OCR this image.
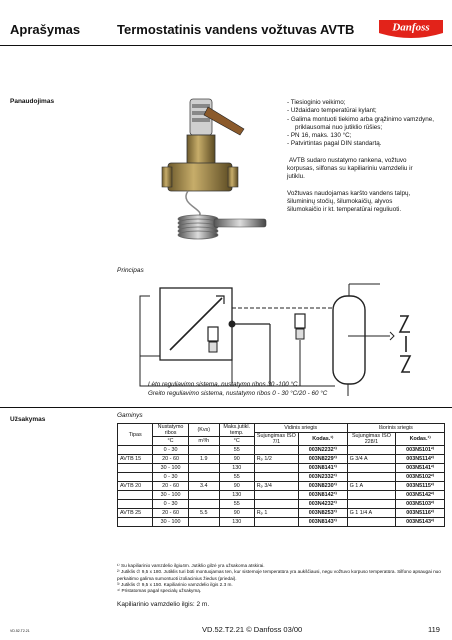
Aprašymas	Termostatinis vandens vožtuvas AVTB	Danfoss
Panaudojimas	- Tiesioginio veikimo;
- Uždaidaro temperatūrai kylant;
- Galima montuoti tiekimo arba grąžinimo vamzdyne, priklausomai nuo jutiklio rūšies;
- PN 16, maks. 130 °C;
- Patvirtintas pagal DIN standartą.
AVTB sudaro nustatymo rankena, vožtuvo korpusas, silfonas su kapiliariniu vamzdeliu ir jutiklu.
Vožtuvas naudojamas karšto vandens talpų, šilumininų stočių, šilumokaičių, alyvos šilumokaičio ir kt. temperatūrai reguliuoti.
Principas
Lėto reguliavimo sistema, nustatymo ribos 30 -100 °C
Greito reguliavimo sistema, nustatymo ribos 0 - 30 °C/20 - 60 °C
Užsakymas
Gaminys
Tipas	Nustatymo ribos	(Kvs)	Maks.jutikl. temp.	Vidinis sriegis		Išorinis sriegis	
				Sujungimas ISO 7/1	Kodas.¹⁾	Sujungimas ISO 228/1	Kodas.¹⁾
	°C	m³/h	°C				
	0 - 30		55		003N2232³⁾		003N5101²⁾
AVTB 15	20 - 60	1.9	90	Rₚ 1/2	003N8229³⁾	G 3/4 A	003N5114²⁾
	30 - 100		130		003N8141³⁾		003N5141²⁾
	0 - 30		55		003N2332³⁾		003N5102²⁾
AVTB 20	20 - 60	3.4	90	Rₚ 3/4	003N8230³⁾	G 1 A	003N5115²⁾
	30 - 100		130		003N8142³⁾		003N5142²⁾
	0 - 30		55		003N4232³⁾		003N5103²⁾
AVTB 25	20 - 60	5.5	90	Rₚ 1	003N8253³⁾	G 1 1/4 A	003N5116²⁾
	30 - 100		130		003N8143³⁾		003N5143²⁾
¹⁾ Su kapiliarinio vamzdelio ilgiu4m. Jutiklio gilzė yra užsakoma atskirai.
²⁾ Jutiklis ∅ 9,5 x 180. Jutiklis turi būti montuojamas ten, kur sistemoje temperatūra yra aukščiausi, negu vožtuvo korpuso temperatūra. Silfono apsaugai nuo perkaitimo galima sumontuoti izoliacinius žiedus (priedai).
³⁾ Jutiklis ∅ 9,5 x 150. Kapiliarinio vamzdelio ilgis 2.3 m.
⁴⁾ Pristatomas pagal specialų užsakymą.
Kapiliarinio vamzdelio ilgis: 2 m.
VD.52.T2.21	VD.52.T2.21 © Danfoss 03/00	119
